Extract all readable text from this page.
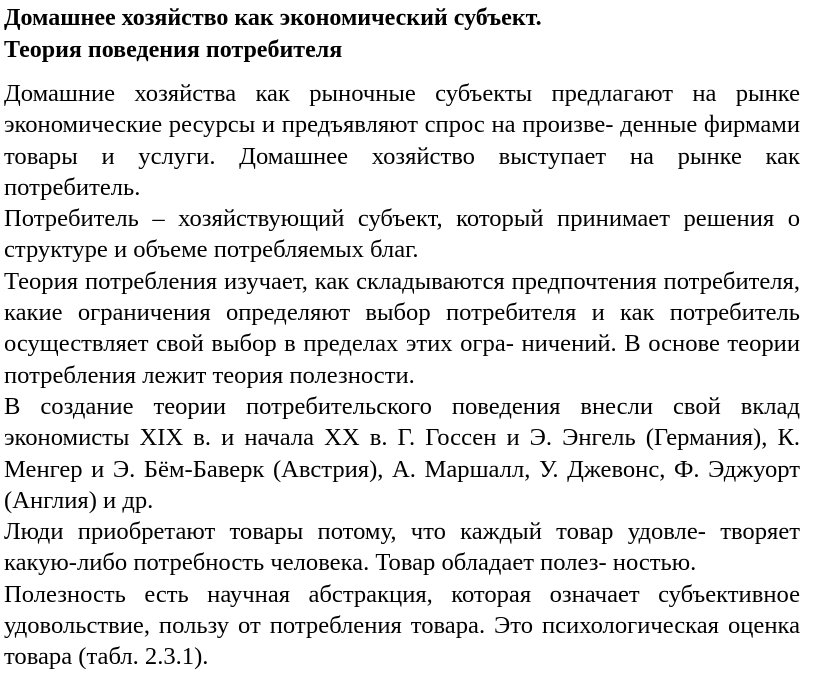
Домашнее хозяйство как экономический субъект.
Теория поведения потребителя

Домашние хозяйства как рыночные субъекты предлагают на рынке экономические ресурсы и предъявляют спрос на произве- денные фирмами товары и услуги. Домашнее хозяйство выступает на рынке как потребитель.

Потребитель – хозяйствующий субъект, который принимает решения о структуре и объеме потребляемых благ.

Теория потребления изучает, как складываются предпочтения потребителя, какие ограничения определяют выбор потребителя и как потребитель осуществляет свой выбор в пределах этих огра- ничений. В основе теории потребления лежит теория полезности.

В создание теории потребительского поведения внесли свой вклад экономисты XIX в. и начала XX в. Г. Госсен и Э. Энгель (Германия), К. Менгер и Э. Бём-Баверк (Австрия), А. Маршалл, У. Джевонс, Ф. Эджуорт (Англия) и др.

Люди приобретают товары потому, что каждый товар удовле- творяет какую-либо потребность человека. Товар обладает полез- ностью.

Полезность есть научная абстракция, которая означает субъективное удовольствие, пользу от потребления товара. Это психологическая оценка товара (табл. 2.3.1).
